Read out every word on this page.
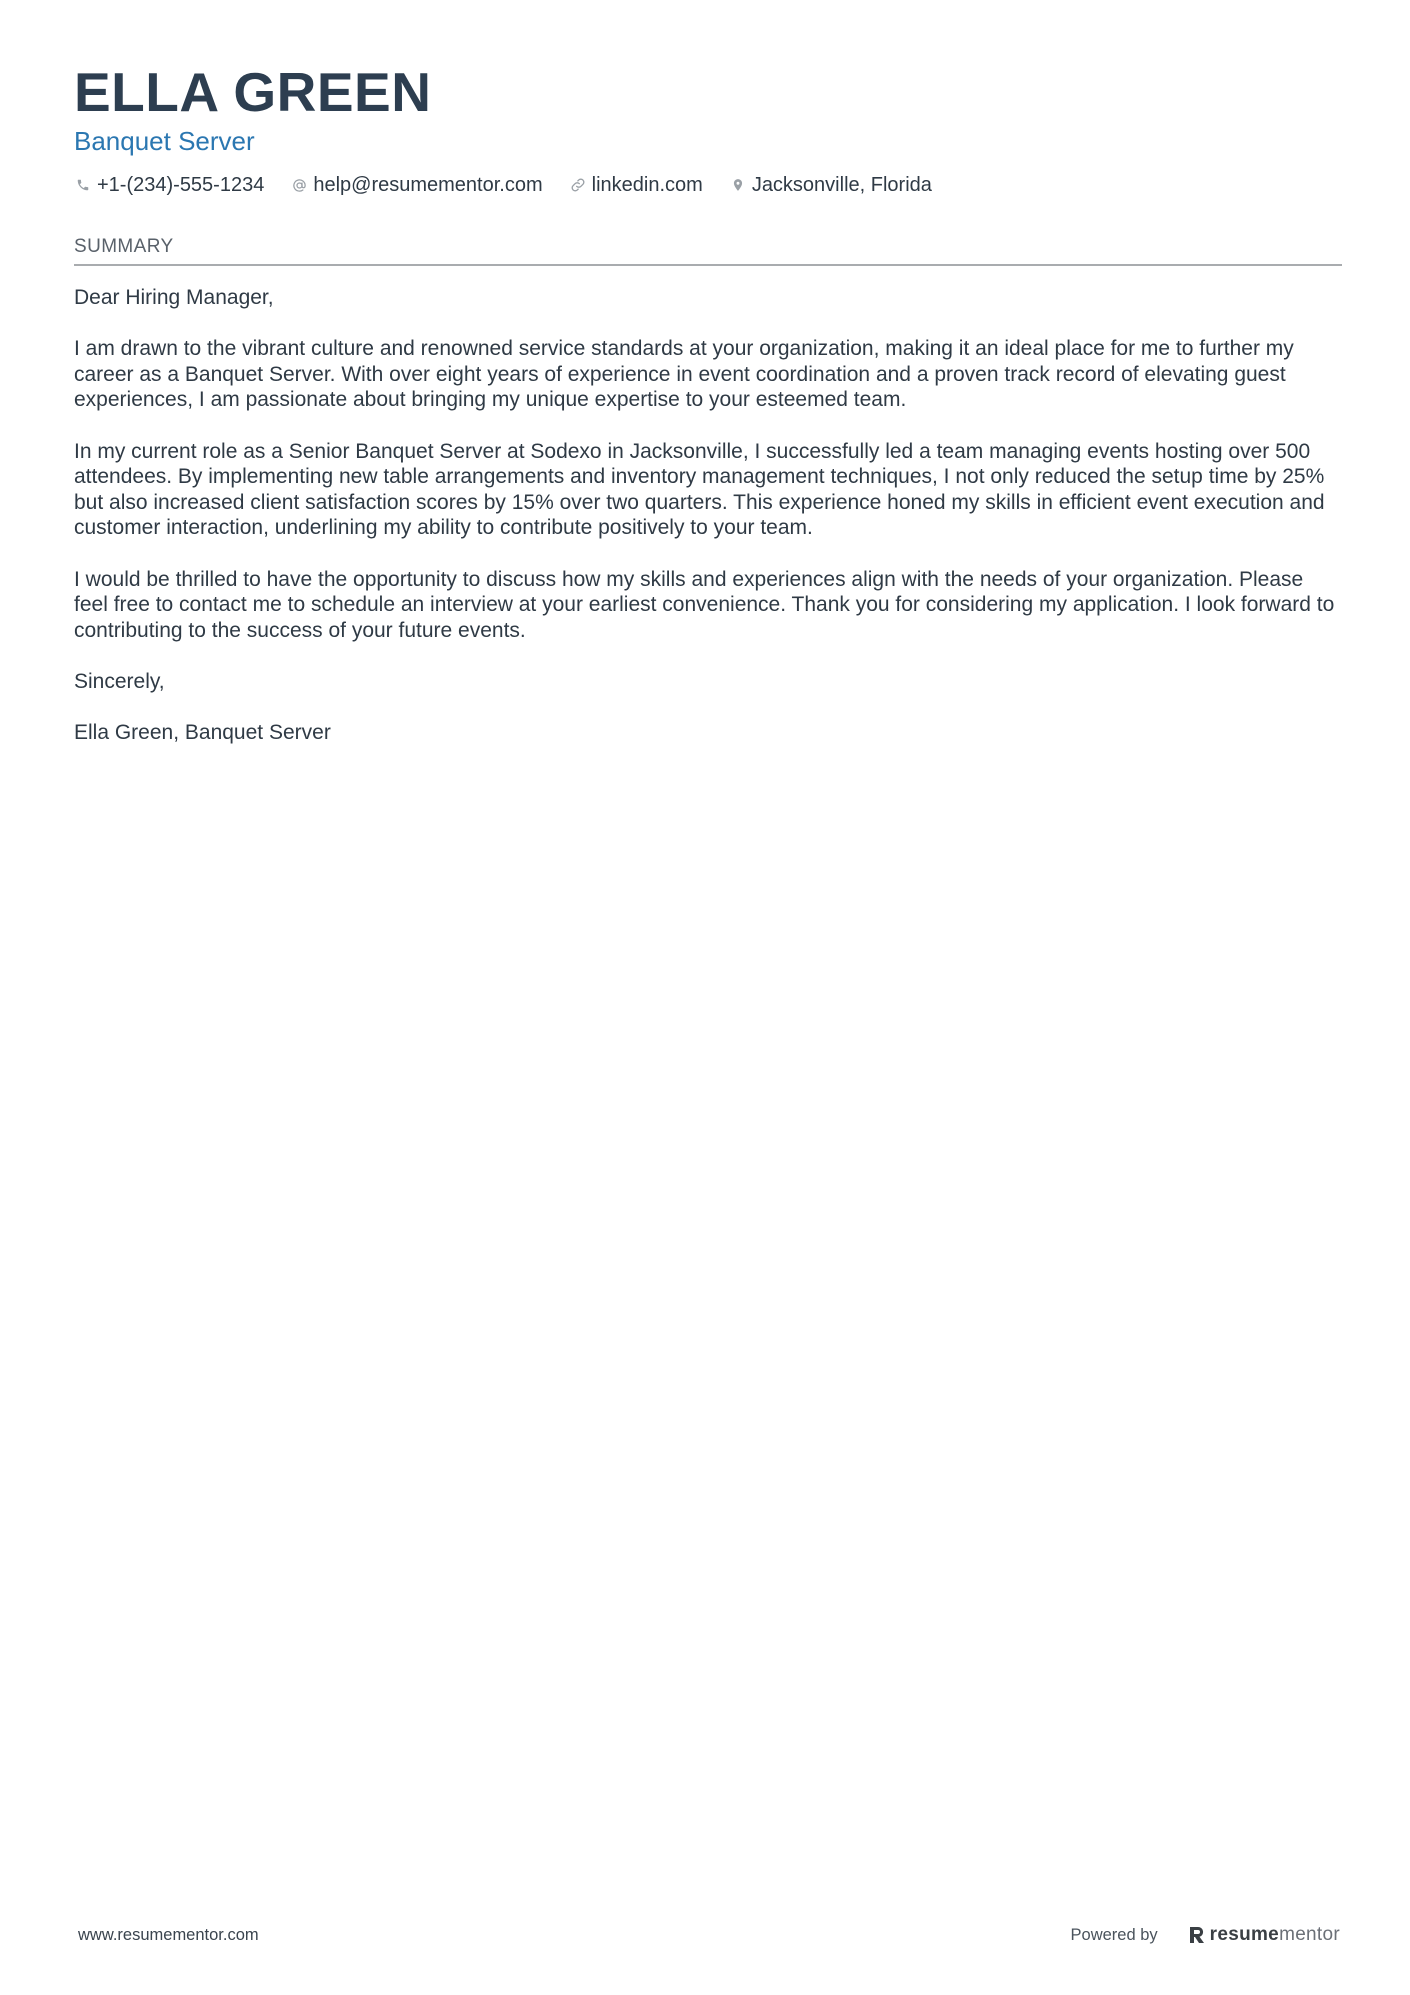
ELLA GREEN
Banquet Server
+1-(234)-555-1234 help@resumementor.com linkedin.com Jacksonville, Florida
SUMMARY

Dear Hiring Manager,

I am drawn to the vibrant culture and renowned service standards at your organization, making it an ideal place for me to further my career as a Banquet Server. With over eight years of experience in event coordination and a proven track record of elevating guest experiences, I am passionate about bringing my unique expertise to your esteemed team.

In my current role as a Senior Banquet Server at Sodexo in Jacksonville, I successfully led a team managing events hosting over 500 attendees. By implementing new table arrangements and inventory management techniques, I not only reduced the setup time by 25% but also increased client satisfaction scores by 15% over two quarters. This experience honed my skills in efficient event execution and customer interaction, underlining my ability to contribute positively to your team.

I would be thrilled to have the opportunity to discuss how my skills and experiences align with the needs of your organization. Please feel free to contact me to schedule an interview at your earliest convenience. Thank you for considering my application. I look forward to contributing to the success of your future events.

Sincerely,

Ella Green, Banquet Server

www.resumementor.com	Powered by	resume mentor
